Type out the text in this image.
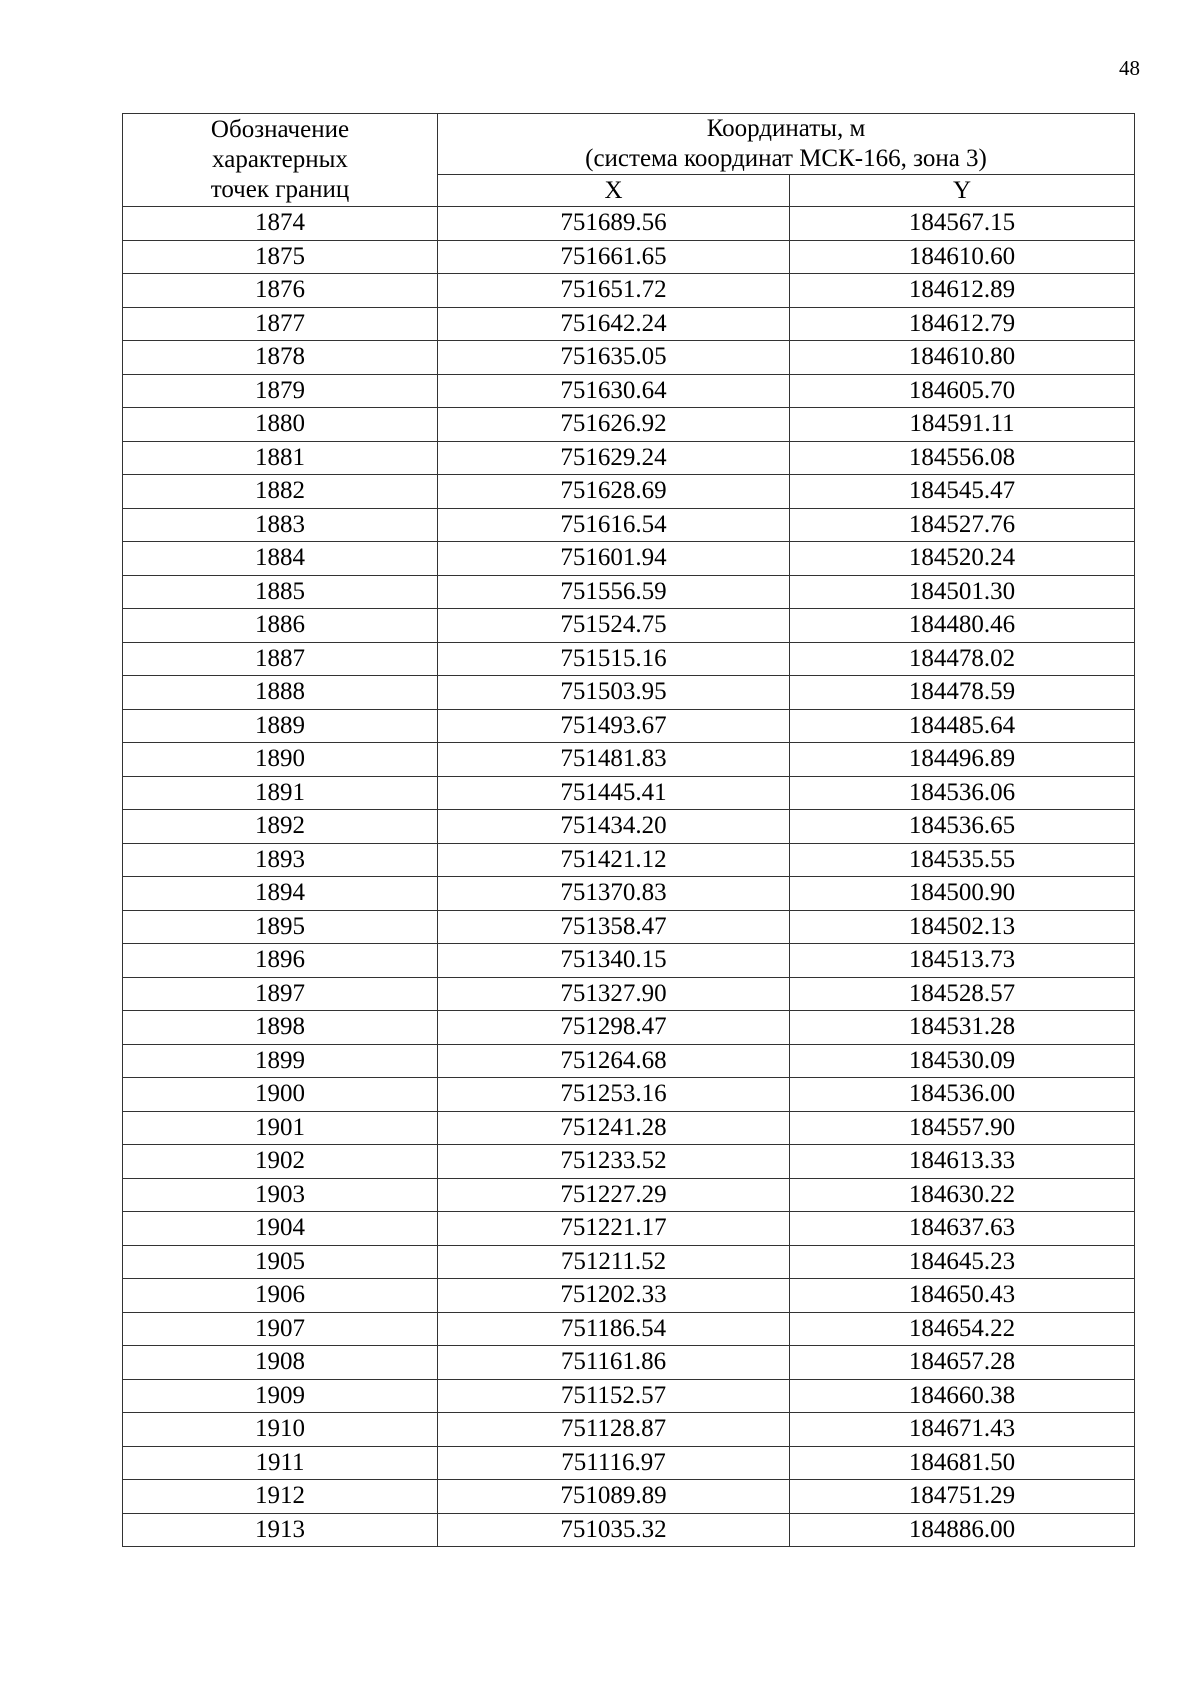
48
Обозначение
характерных
точек границ	Координаты, м
(система координат МСК-166, зона 3)	

	X	Y
1874	751689.56	184567.15
1875	751661.65	184610.60
1876	751651.72	184612.89
1877	751642.24	184612.79
1878	751635.05	184610.80
1879	751630.64	184605.70
1880	751626.92	184591.11
1881	751629.24	184556.08
1882	751628.69	184545.47
1883	751616.54	184527.76
1884	751601.94	184520.24
1885	751556.59	184501.30
1886	751524.75	184480.46
1887	751515.16	184478.02
1888	751503.95	184478.59
1889	751493.67	184485.64
1890	751481.83	184496.89
1891	751445.41	184536.06
1892	751434.20	184536.65
1893	751421.12	184535.55
1894	751370.83	184500.90
1895	751358.47	184502.13
1896	751340.15	184513.73
1897	751327.90	184528.57
1898	751298.47	184531.28
1899	751264.68	184530.09
1900	751253.16	184536.00
1901	751241.28	184557.90
1902	751233.52	184613.33
1903	751227.29	184630.22
1904	751221.17	184637.63
1905	751211.52	184645.23
1906	751202.33	184650.43
1907	751186.54	184654.22
1908	751161.86	184657.28
1909	751152.57	184660.38
1910	751128.87	184671.43
1911	751116.97	184681.50
1912	751089.89	184751.29
1913	751035.32	184886.00
